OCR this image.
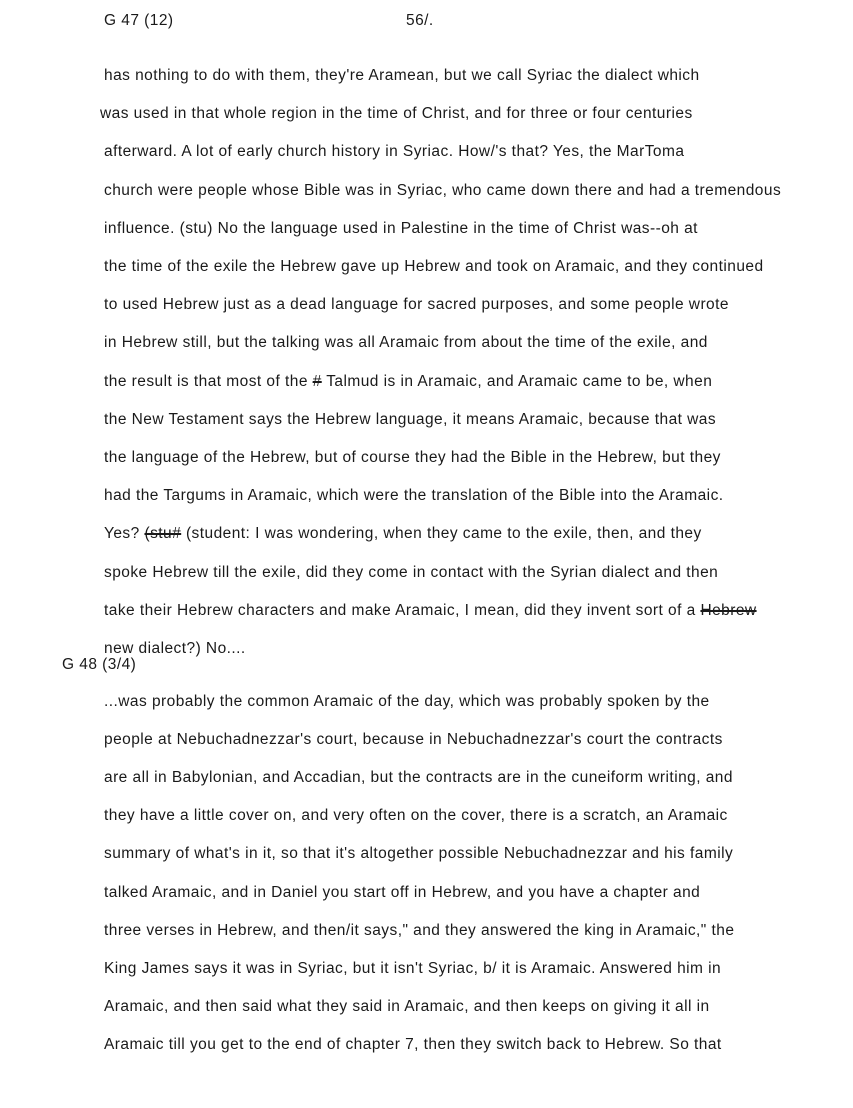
G 47 (12)	56/.
has nothing to do with them, they're Aramean, but we call Syriac the dialect which
was used in that whole region in the time of Christ, and for three or four centuries
afterward. A lot of early church history in Syriac. How/'s that? Yes, the MarToma
church were people whose Bible was in Syriac, who came down there and had a tremendous
influence. (stu) No the language used in Palestine in the time of Christ was--oh at
the time of the exile the Hebrew gave up Hebrew and took on Aramaic, and they continued
to used Hebrew just as a dead language for sacred purposes, and some people wrote
in Hebrew still, but the talking was all Aramaic from about the time of the exile, and
the result is that most of the # Talmud is in Aramaic, and Aramaic came to be, when
the New Testament says the Hebrew language, it means Aramaic, because that was
the language of the Hebrew, but of course they had the Bible in the Hebrew, but they
had the Targums in Aramaic, which were the translation of the Bible into the Aramaic.
Yes? (stu# (student: I was wondering, when they came to the exile, then, and they
spoke Hebrew till the exile, did they come in contact with the Syrian dialect and then
take their Hebrew characters and make Aramaic, I mean, did they invent sort of a Hebrew
new dialect?) No....
G 48 (3/4)
...was probably the common Aramaic of the day, which was probably spoken by the
people at Nebuchadnezzar's court, because in Nebuchadnezzar's court the contracts
are all in Babylonian, and Accadian, but the contracts are in the cuneiform writing, and
they have a little cover on, and very often on the cover, there is a scratch, an Aramaic
summary of what's in it, so that it's altogether possible Nebuchadnezzar and his family
talked Aramaic, and in Daniel you start off in Hebrew, and you have a chapter and
three verses in Hebrew, and then/it says," and they answered the king in Aramaic," the
King James says it was in Syriac, but it isn't Syriac, b/ it is Aramaic. Answered him in
Aramaic, and then said what they said in Aramaic, and then keeps on giving it all in
Aramaic till you get to the end of chapter 7, then they switch back to Hebrew. So that
